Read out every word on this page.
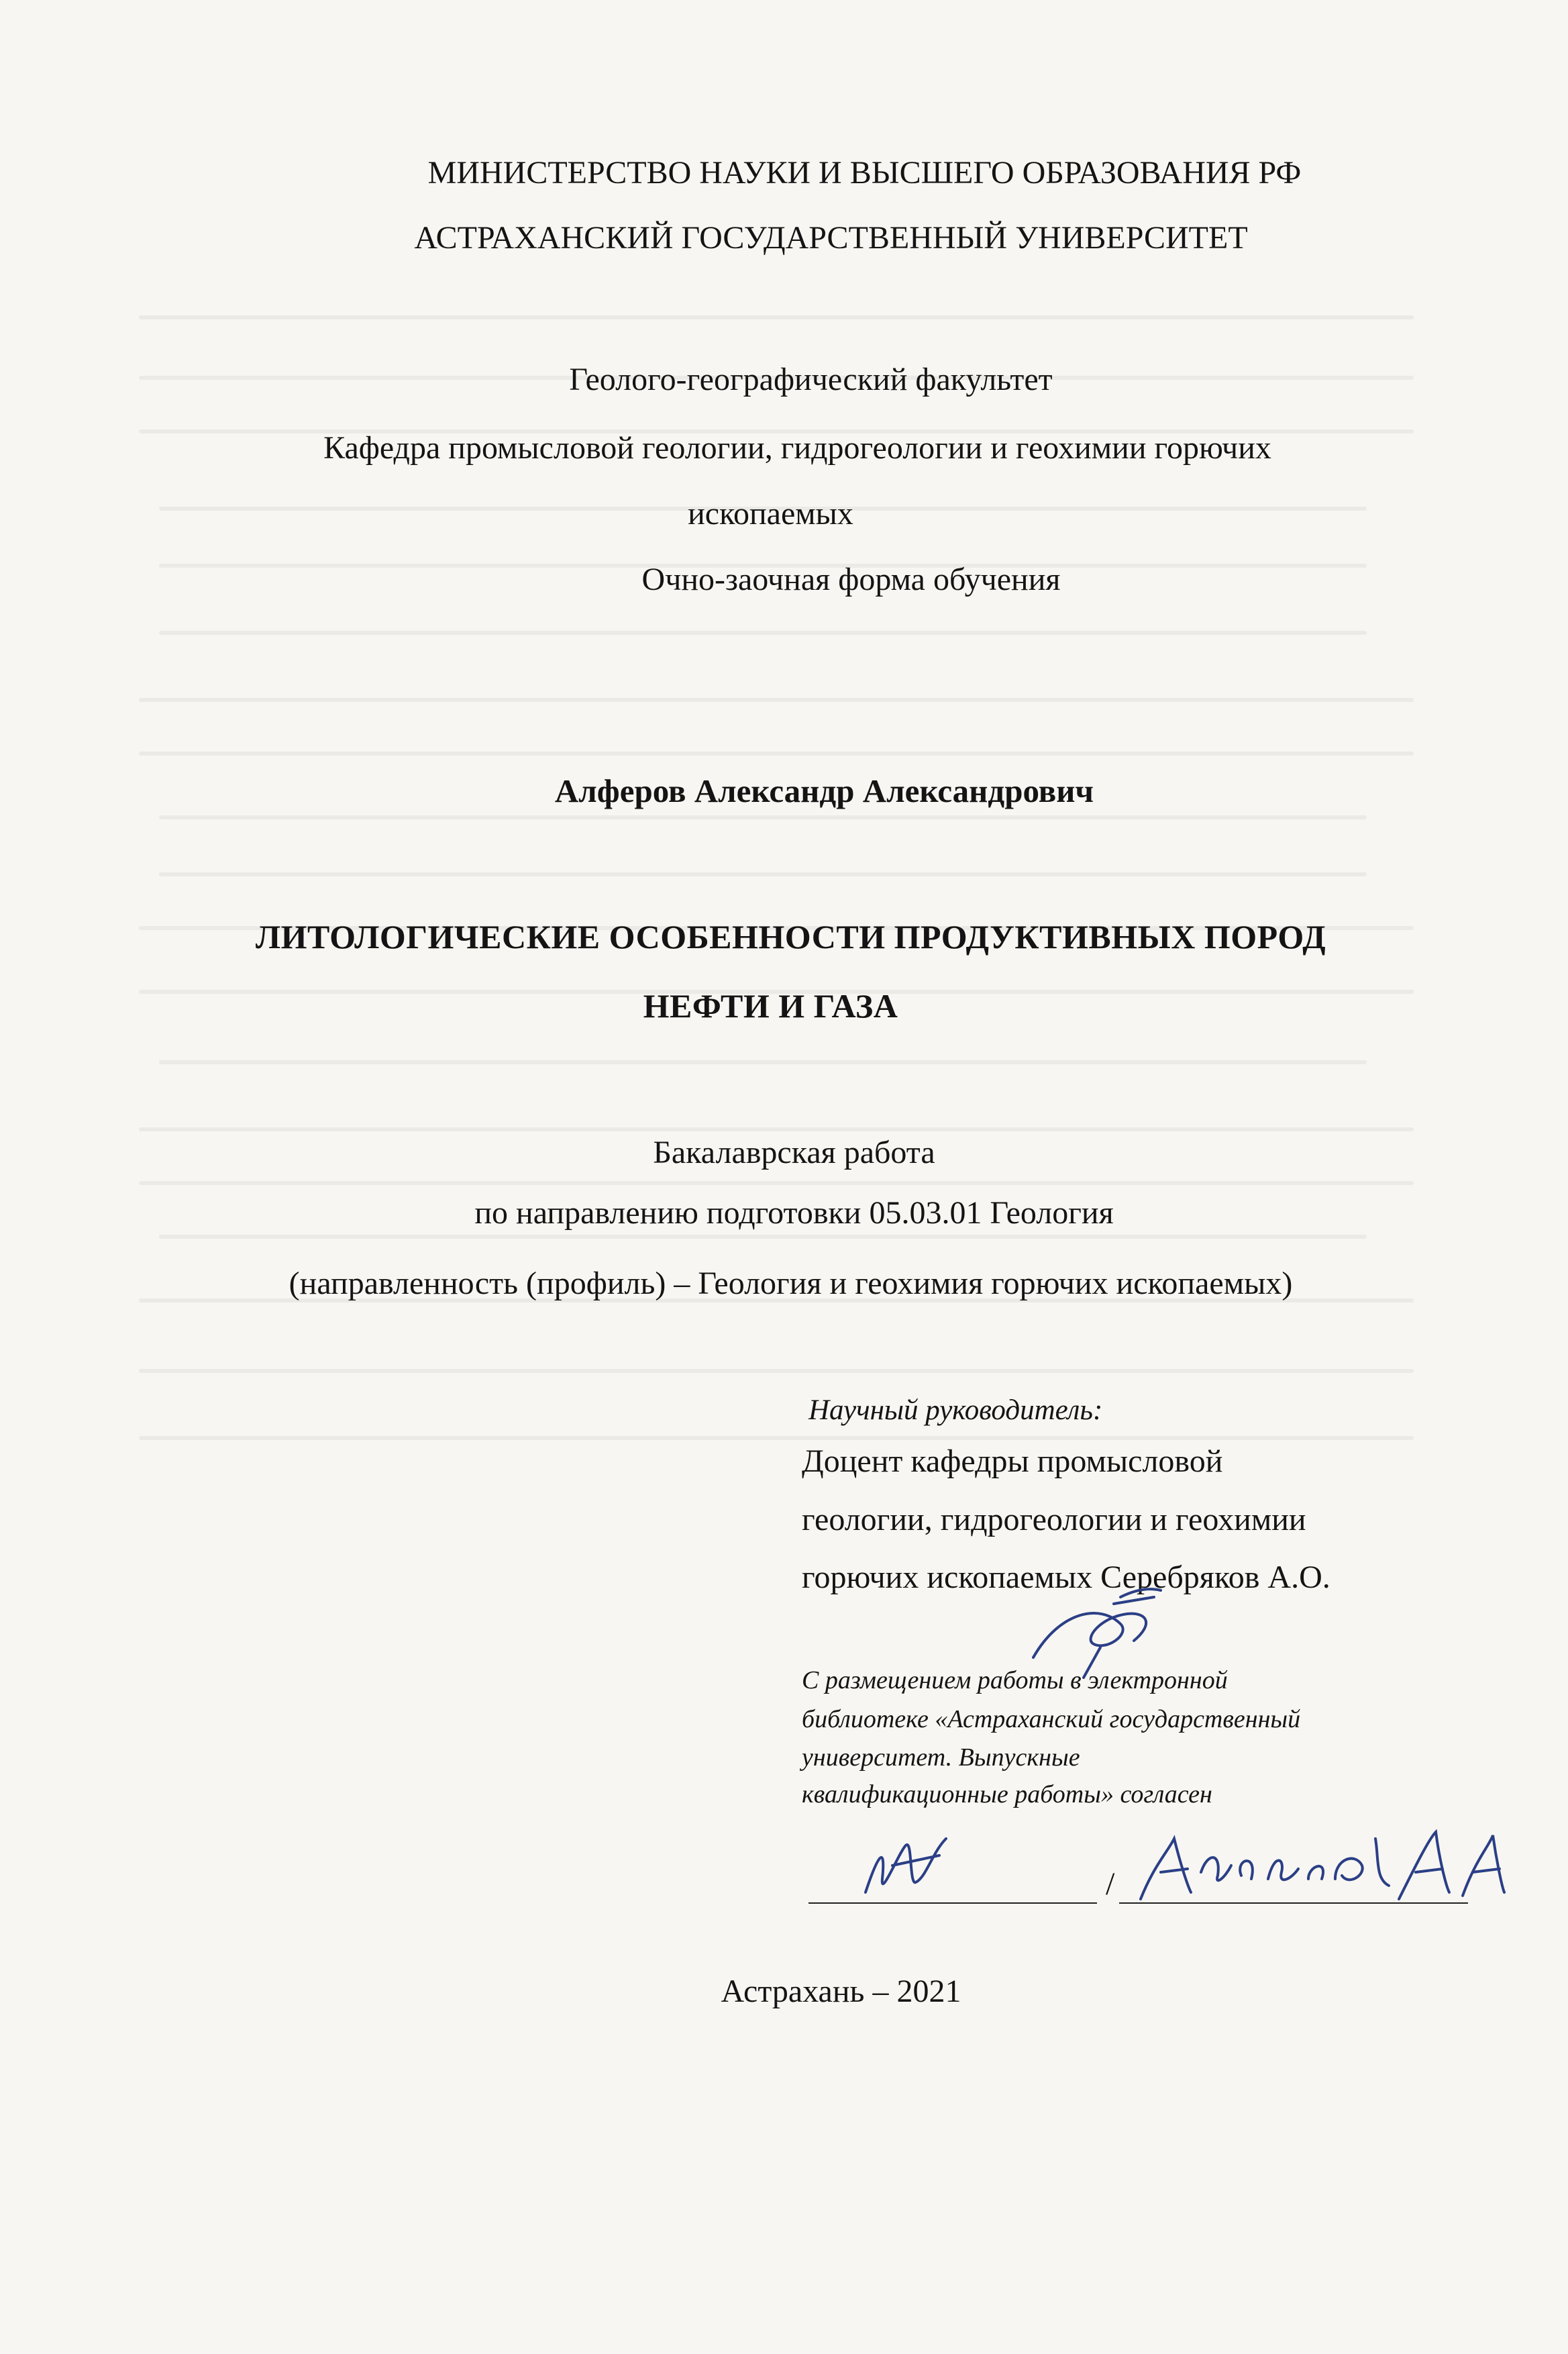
МИНИСТЕРСТВО НАУКИ И ВЫСШЕГО ОБРАЗОВАНИЯ РФ
АСТРАХАНСКИЙ ГОСУДАРСТВЕННЫЙ УНИВЕРСИТЕТ
Геолого-географический факультет
Кафедра промысловой геологии, гидрогеологии и геохимии горючих
ископаемых
Очно-заочная форма обучения
Алферов Александр Александрович
ЛИТОЛОГИЧЕСКИЕ ОСОБЕННОСТИ ПРОДУКТИВНЫХ ПОРОД
НЕФТИ И ГАЗА
Бакалаврская работа
по направлению подготовки 05.03.01 Геология
(направленность (профиль) – Геология и геохимия горючих ископаемых)
Научный руководитель:
Доцент кафедры промысловой
геологии, гидрогеологии и геохимии
горючих ископаемых Серебряков А.О.
С размещением работы в электронной
библиотеке «Астраханский государственный
университет. Выпускные
квалификационные работы» согласен
/
Астрахань – 2021
